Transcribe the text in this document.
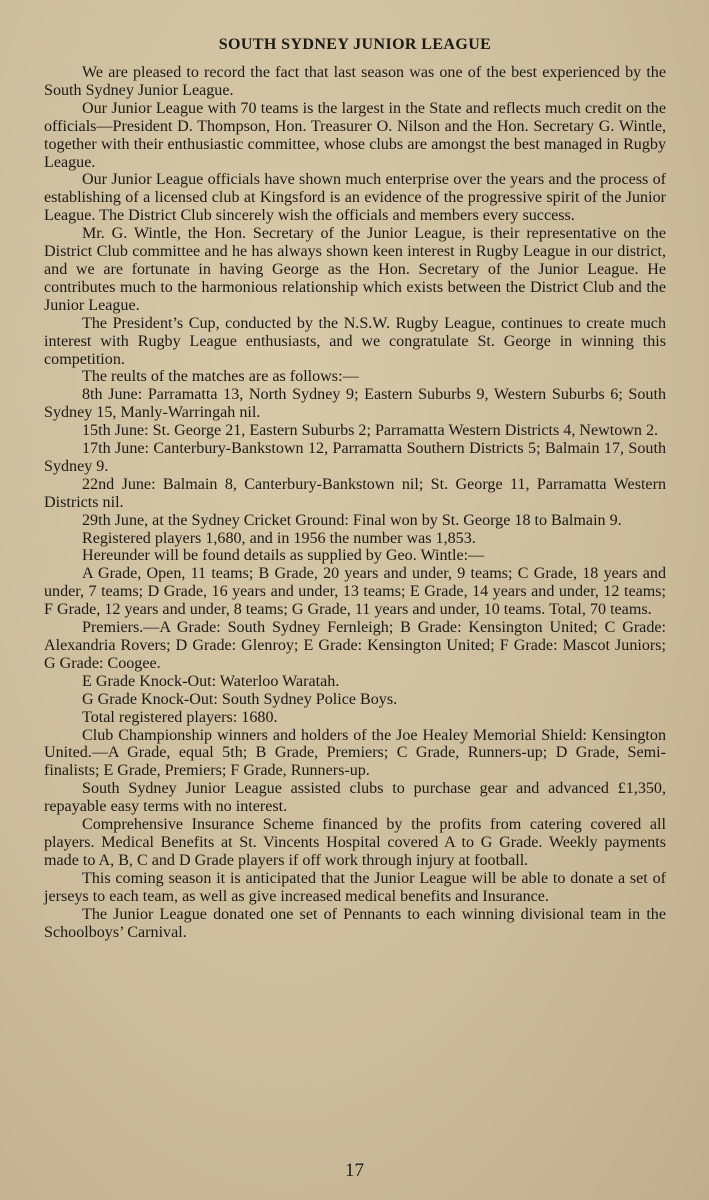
SOUTH SYDNEY JUNIOR LEAGUE

We are pleased to record the fact that last season was one of the best experienced by the South Sydney Junior League.

Our Junior League with 70 teams is the largest in the State and reflects much credit on the officials—President D. Thompson, Hon. Treasurer O. Nilson and the Hon. Secretary G. Wintle, together with their enthusiastic committee, whose clubs are amongst the best managed in Rugby League.

Our Junior League officials have shown much enterprise over the years and the process of establishing of a licensed club at Kingsford is an evidence of the progressive spirit of the Junior League. The District Club sincerely wish the officials and members every success.

Mr. G. Wintle, the Hon. Secretary of the Junior League, is their representative on the District Club committee and he has always shown keen interest in Rugby League in our district, and we are fortunate in having George as the Hon. Secretary of the Junior League. He contributes much to the harmonious relationship which exists between the District Club and the Junior League.

The President’s Cup, conducted by the N.S.W. Rugby League, continues to create much interest with Rugby League enthusiasts, and we congratulate St. George in winning this competition.

The reults of the matches are as follows:—

8th June: Parramatta 13, North Sydney 9; Eastern Suburbs 9, Western Suburbs 6; South Sydney 15, Manly-Warringah nil.

15th June: St. George 21, Eastern Suburbs 2; Parramatta Western Districts 4, Newtown 2.

17th June: Canterbury-Bankstown 12, Parramatta Southern Districts 5; Balmain 17, South Sydney 9.

22nd June: Balmain 8, Canterbury-Bankstown nil; St. George 11, Parramatta Western Districts nil.

29th June, at the Sydney Cricket Ground: Final won by St. George 18 to Balmain 9.

Registered players 1,680, and in 1956 the number was 1,853.

Hereunder will be found details as supplied by Geo. Wintle:—

A Grade, Open, 11 teams; B Grade, 20 years and under, 9 teams; C Grade, 18 years and under, 7 teams; D Grade, 16 years and under, 13 teams; E Grade, 14 years and under, 12 teams; F Grade, 12 years and under, 8 teams; G Grade, 11 years and under, 10 teams. Total, 70 teams.

Premiers.—A Grade: South Sydney Fernleigh; B Grade: Kensington United; C Grade: Alexandria Rovers; D Grade: Glenroy; E Grade: Kensington United; F Grade: Mascot Juniors; G Grade: Coogee.

E Grade Knock-Out: Waterloo Waratah.

G Grade Knock-Out: South Sydney Police Boys.

Total registered players: 1680.

Club Championship winners and holders of the Joe Healey Memorial Shield: Kensington United.—A Grade, equal 5th; B Grade, Premiers; C Grade, Runners-up; D Grade, Semi-finalists; E Grade, Premiers; F Grade, Runners-up.

South Sydney Junior League assisted clubs to purchase gear and advanced £1,350, repayable easy terms with no interest.

Comprehensive Insurance Scheme financed by the profits from catering covered all players. Medical Benefits at St. Vincents Hospital covered A to G Grade. Weekly payments made to A, B, C and D Grade players if off work through injury at football.

This coming season it is anticipated that the Junior League will be able to donate a set of jerseys to each team, as well as give increased medical benefits and Insurance.

The Junior League donated one set of Pennants to each winning divisional team in the Schoolboys’ Carnival.

17
